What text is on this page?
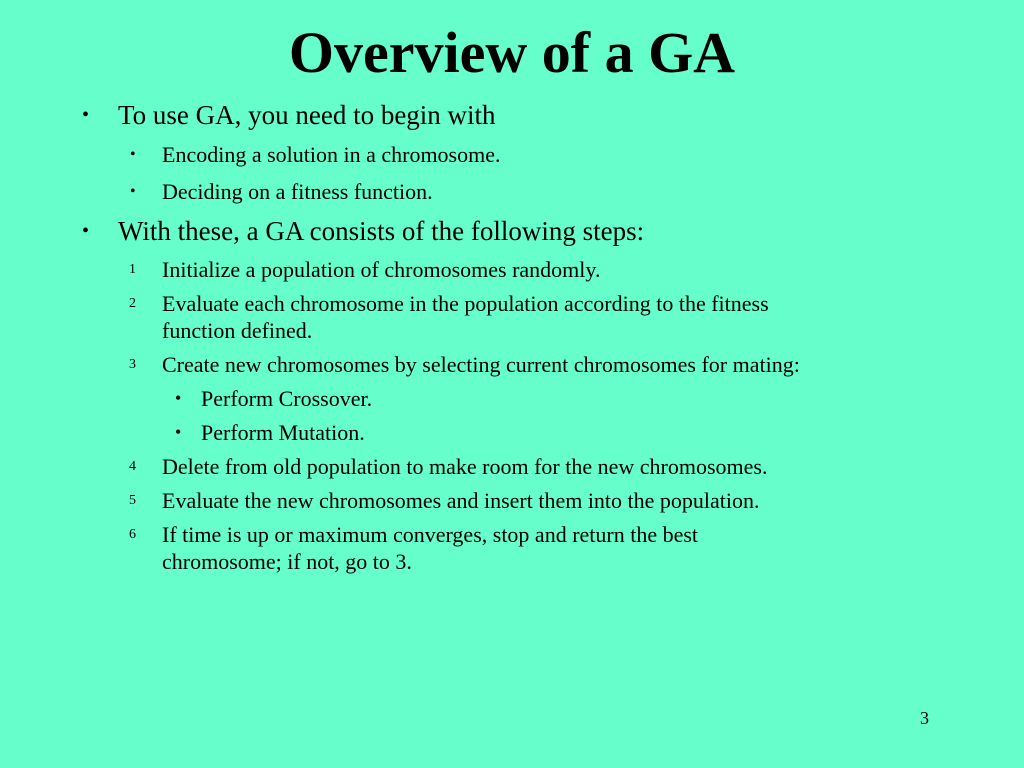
Overview of a GA
• To use GA, you need to begin with
• Encoding a solution in a chromosome.
• Deciding on a fitness function.
• With these, a GA consists of the following steps:
1 Initialize a population of chromosomes randomly.
2 Evaluate each chromosome in the population according to the fitness
function defined.
3 Create new chromosomes by selecting current chromosomes for mating:
• Perform Crossover.
• Perform Mutation.
4 Delete from old population to make room for the new chromosomes.
5 Evaluate the new chromosomes and insert them into the population.
6 If time is up or maximum converges, stop and return the best
chromosome; if not, go to 3.
3
